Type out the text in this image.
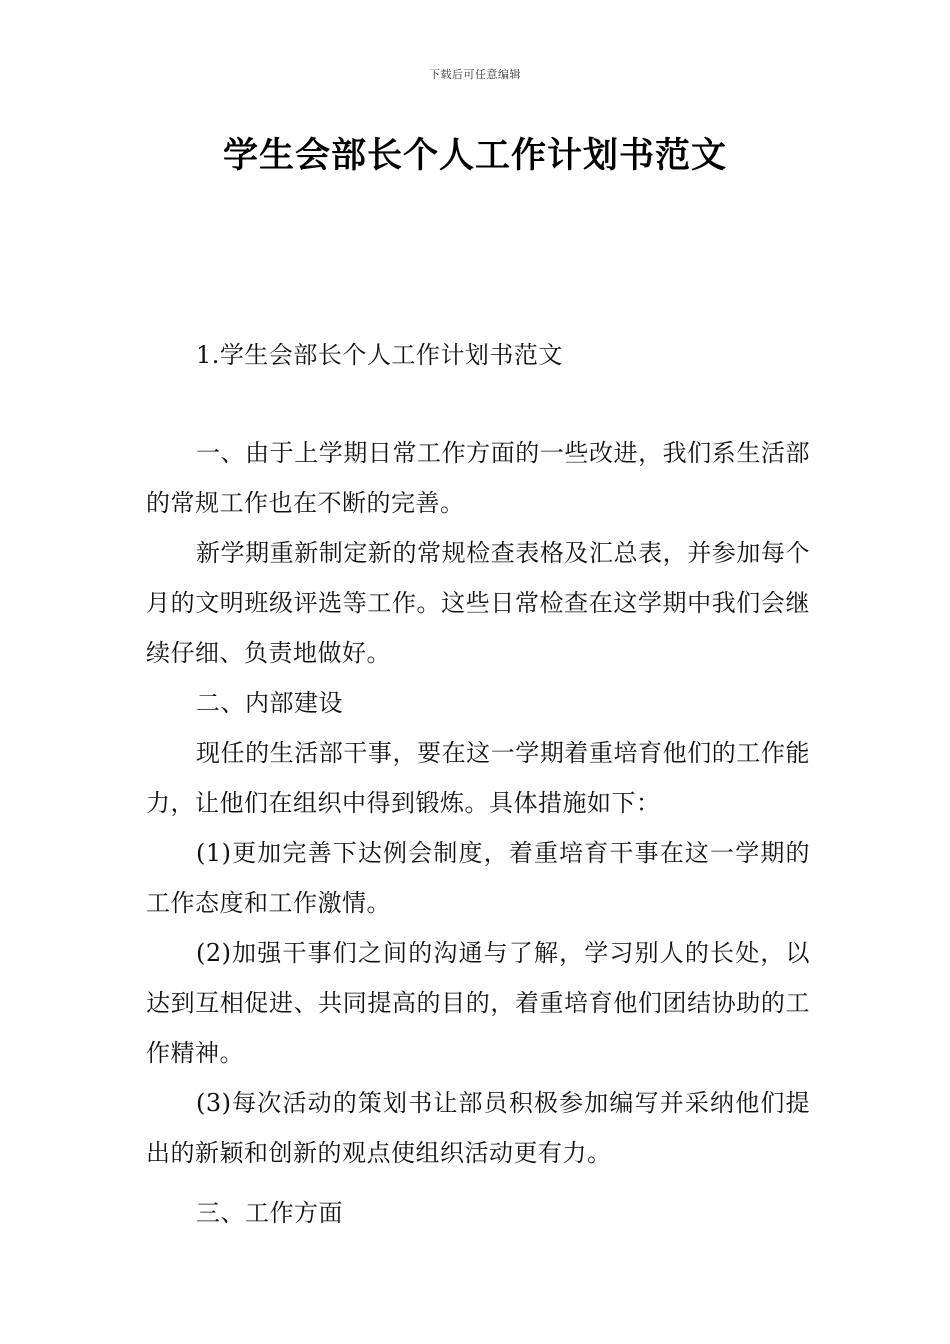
下载后可任意编辑
学生会部长个人工作计划书范文

1.学生会部长个人工作计划书范文

一、由于上学期日常工作方面的一些改进，我们系生活部的常规工作也在不断的完善。

新学期重新制定新的常规检查表格及汇总表，并参加每个月的文明班级评选等工作。这些日常检查在这学期中我们会继续仔细、负责地做好。

二、内部建设

现任的生活部干事，要在这一学期着重培育他们的工作能力，让他们在组织中得到锻炼。具体措施如下：

(1)更加完善下达例会制度，着重培育干事在这一学期的工作态度和工作激情。

(2)加强干事们之间的沟通与了解，学习别人的长处，以达到互相促进、共同提高的目的，着重培育他们团结协助的工作精神。

(3)每次活动的策划书让部员积极参加编写并采纳他们提出的新颖和创新的观点使组织活动更有力。

三、工作方面
